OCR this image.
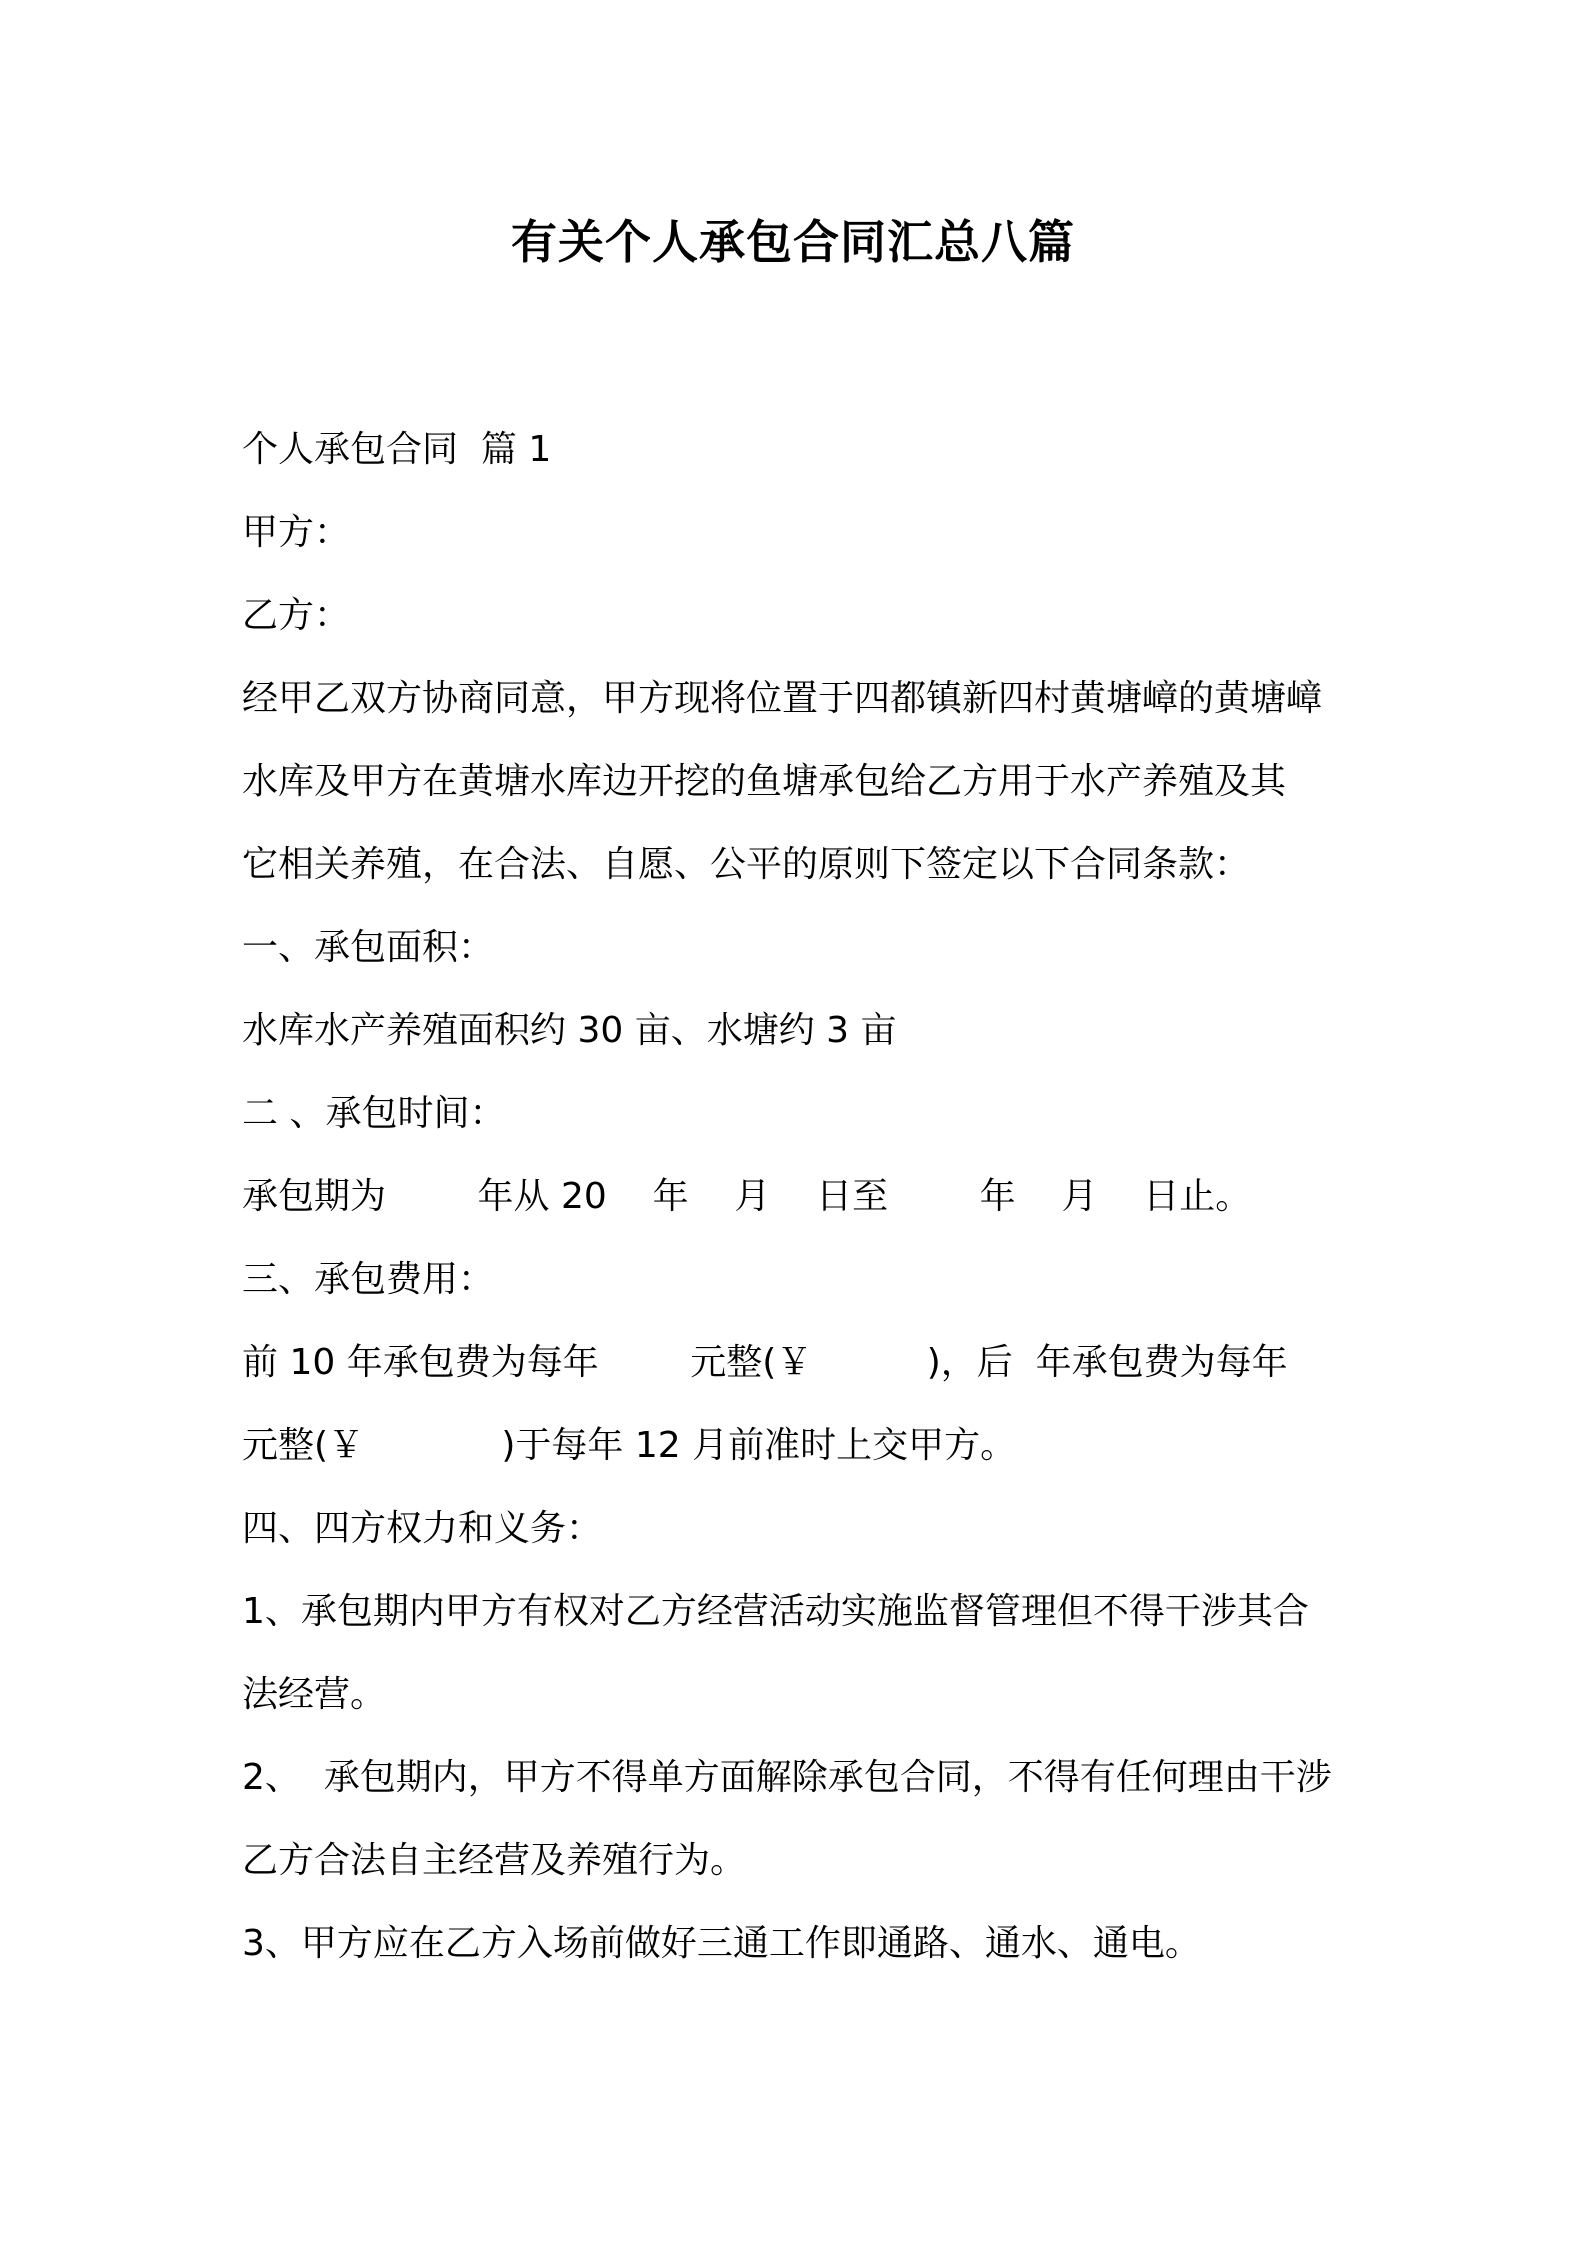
有关个人承包合同汇总八篇
个人承包合同  篇 1
甲方：
乙方：
经甲乙双方协商同意，甲方现将位置于四都镇新四村黄塘嶂的黄塘嶂
水库及甲方在黄塘水库边开挖的鱼塘承包给乙方用于水产养殖及其
它相关养殖，在合法、自愿、公平的原则下签定以下合同条款：
一、承包面积：
水库水产养殖面积约 30 亩、水塘约 3 亩
二 、承包时间：
承包期为        年从 20    年    月    日至        年    月    日止。
三、承包费用：
前 10 年承包费为每年        元整(￥          )，后  年承包费为每年
元整(￥            )于每年 12 月前准时上交甲方。
四、四方权力和义务：
1、承包期内甲方有权对乙方经营活动实施监督管理但不得干涉其合
法经营。
2、  承包期内，甲方不得单方面解除承包合同，不得有任何理由干涉
乙方合法自主经营及养殖行为。
3、甲方应在乙方入场前做好三通工作即通路、通水、通电。
